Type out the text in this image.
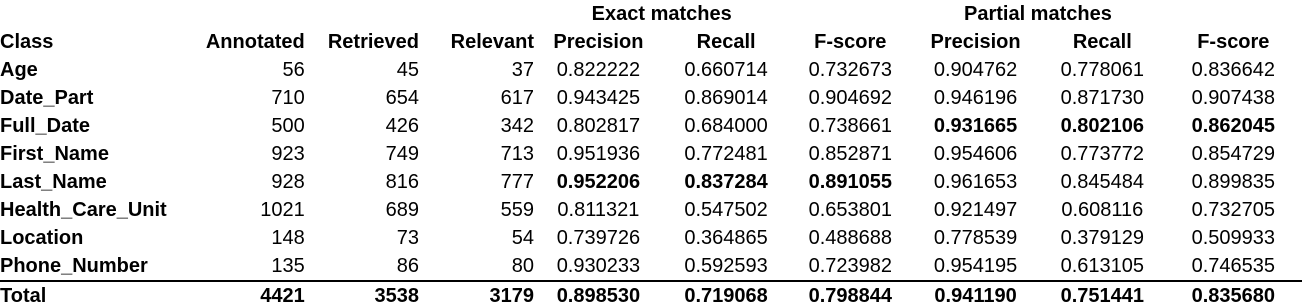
				Exact matches			Partial matches		
Class	Annotated	Retrieved	Relevant	Precision	Recall	F-score	Precision	Recall	F-score
Age	56	45	37	0.822222	0.660714	0.732673	0.904762	0.778061	0.836642
Date_Part	710	654	617	0.943425	0.869014	0.904692	0.946196	0.871730	0.907438
Full_Date	500	426	342	0.802817	0.684000	0.738661	0.931665	0.802106	0.862045
First_Name	923	749	713	0.951936	0.772481	0.852871	0.954606	0.773772	0.854729
Last_Name	928	816	777	0.952206	0.837284	0.891055	0.961653	0.845484	0.899835
Health_Care_Unit	1021	689	559	0.811321	0.547502	0.653801	0.921497	0.608116	0.732705
Location	148	73	54	0.739726	0.364865	0.488688	0.778539	0.379129	0.509933
Phone_Number	135	86	80	0.930233	0.592593	0.723982	0.954195	0.613105	0.746535
Total	4421	3538	3179	0.898530	0.719068	0.798844	0.941190	0.751441	0.835680
